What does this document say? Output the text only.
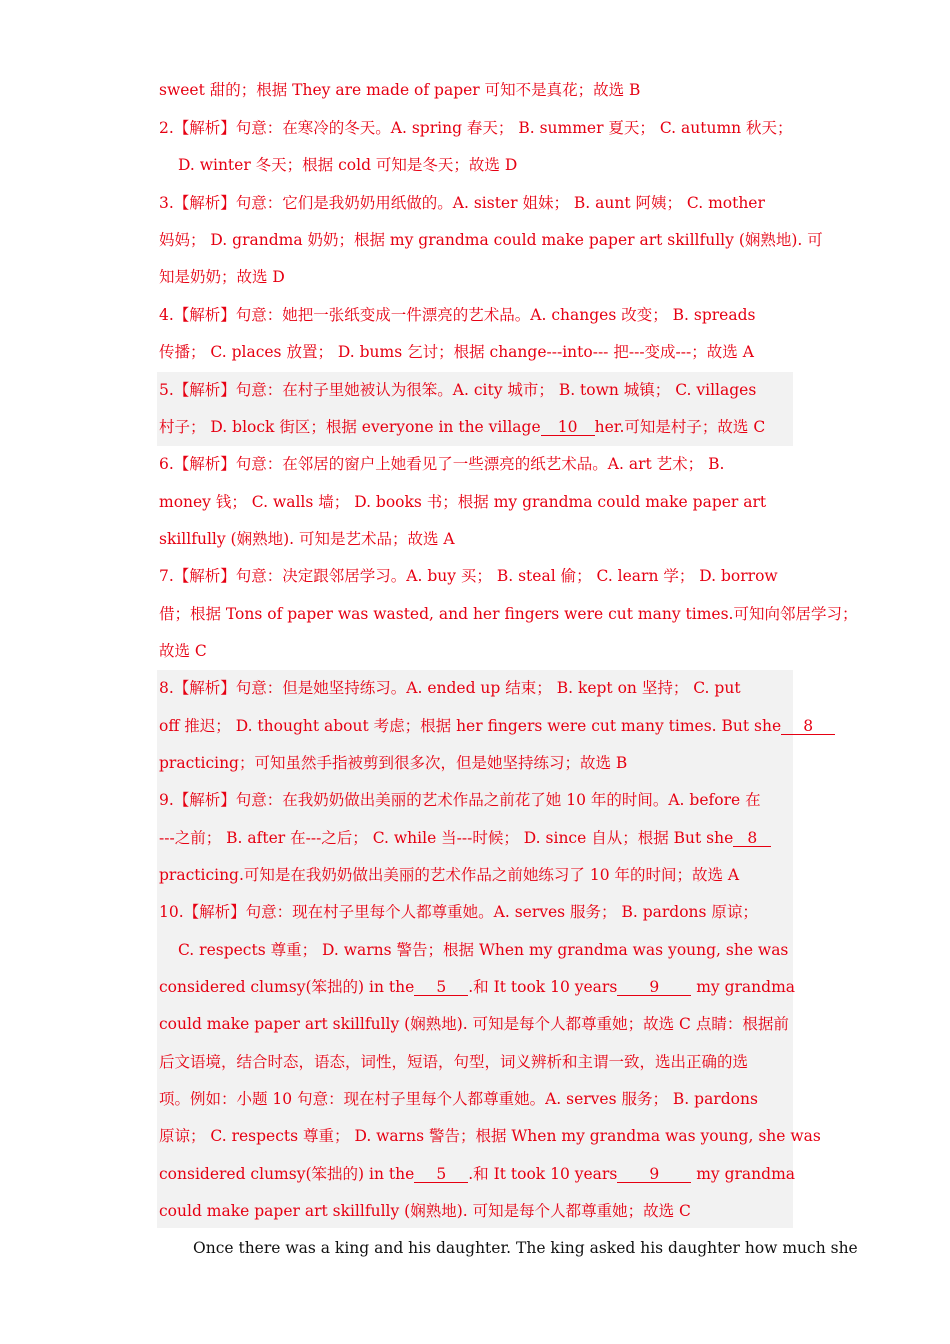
sweet 甜的；根据 They are made of paper 可知不是真花；故选 B

2.【解析】句意：在寒冷的冬天。A. spring 春天； B. summer 夏天； C. autumn 秋天；

D. winter 冬天；根据 cold 可知是冬天；故选 D

3.【解析】句意：它们是我奶奶用纸做的。A. sister 姐妹； B. aunt 阿姨； C. mother

妈妈； D. grandma 奶奶；根据 my grandma could make paper art skillfully (娴熟地). 可

知是奶奶；故选 D

4.【解析】句意：她把一张纸变成一件漂亮的艺术品。A. changes 改变； B. spreads

传播； C. places 放置； D. bums 乞讨；根据 change---into--- 把---变成---；故选 A

5.【解析】句意：在村子里她被认为很笨。A. city 城市； B. town 城镇； C. villages

村子； D. block 街区；根据 everyone in the village 10 her.可知是村子；故选 C

6.【解析】句意：在邻居的窗户上她看见了一些漂亮的纸艺术品。A. art 艺术； B.

money 钱； C. walls 墙； D. books 书；根据 my grandma could make paper art

skillfully (娴熟地). 可知是艺术品；故选 A

7.【解析】句意：决定跟邻居学习。A. buy 买； B. steal 偷； C. learn 学； D. borrow

借；根据 Tons of paper was wasted, and her fingers were cut many times.可知向邻居学习；

故选 C

8.【解析】句意：但是她坚持练习。A. ended up 结束； B. kept on 坚持； C. put

off 推迟； D. thought about 考虑；根据 her fingers were cut many times. But she 8

practicing；可知虽然手指被剪到很多次，但是她坚持练习；故选 B

9.【解析】句意：在我奶奶做出美丽的艺术作品之前花了她 10 年的时间。A. before 在

---之前； B. after 在---之后； C. while 当---时候； D. since 自从；根据 But she 8

practicing.可知是在我奶奶做出美丽的艺术作品之前她练习了 10 年的时间；故选 A

10.【解析】句意：现在村子里每个人都尊重她。A. serves 服务； B. pardons 原谅；

C. respects 尊重； D. warns 警告；根据 When my grandma was young, she was

considered clumsy(笨拙的) in the 5 .和 It took 10 years 9 my grandma

could make paper art skillfully (娴熟地). 可知是每个人都尊重她；故选 C 点睛：根据前

后文语境，结合时态，语态，词性，短语，句型，词义辨析和主谓一致，选出正确的选

项。例如：小题 10 句意：现在村子里每个人都尊重她。A. serves 服务； B. pardons

原谅； C. respects 尊重； D. warns 警告；根据 When my grandma was young, she was

considered clumsy(笨拙的) in the 5 .和 It took 10 years 9 my grandma

could make paper art skillfully (娴熟地). 可知是每个人都尊重她；故选 C

Once there was a king and his daughter. The king asked his daughter how much she
